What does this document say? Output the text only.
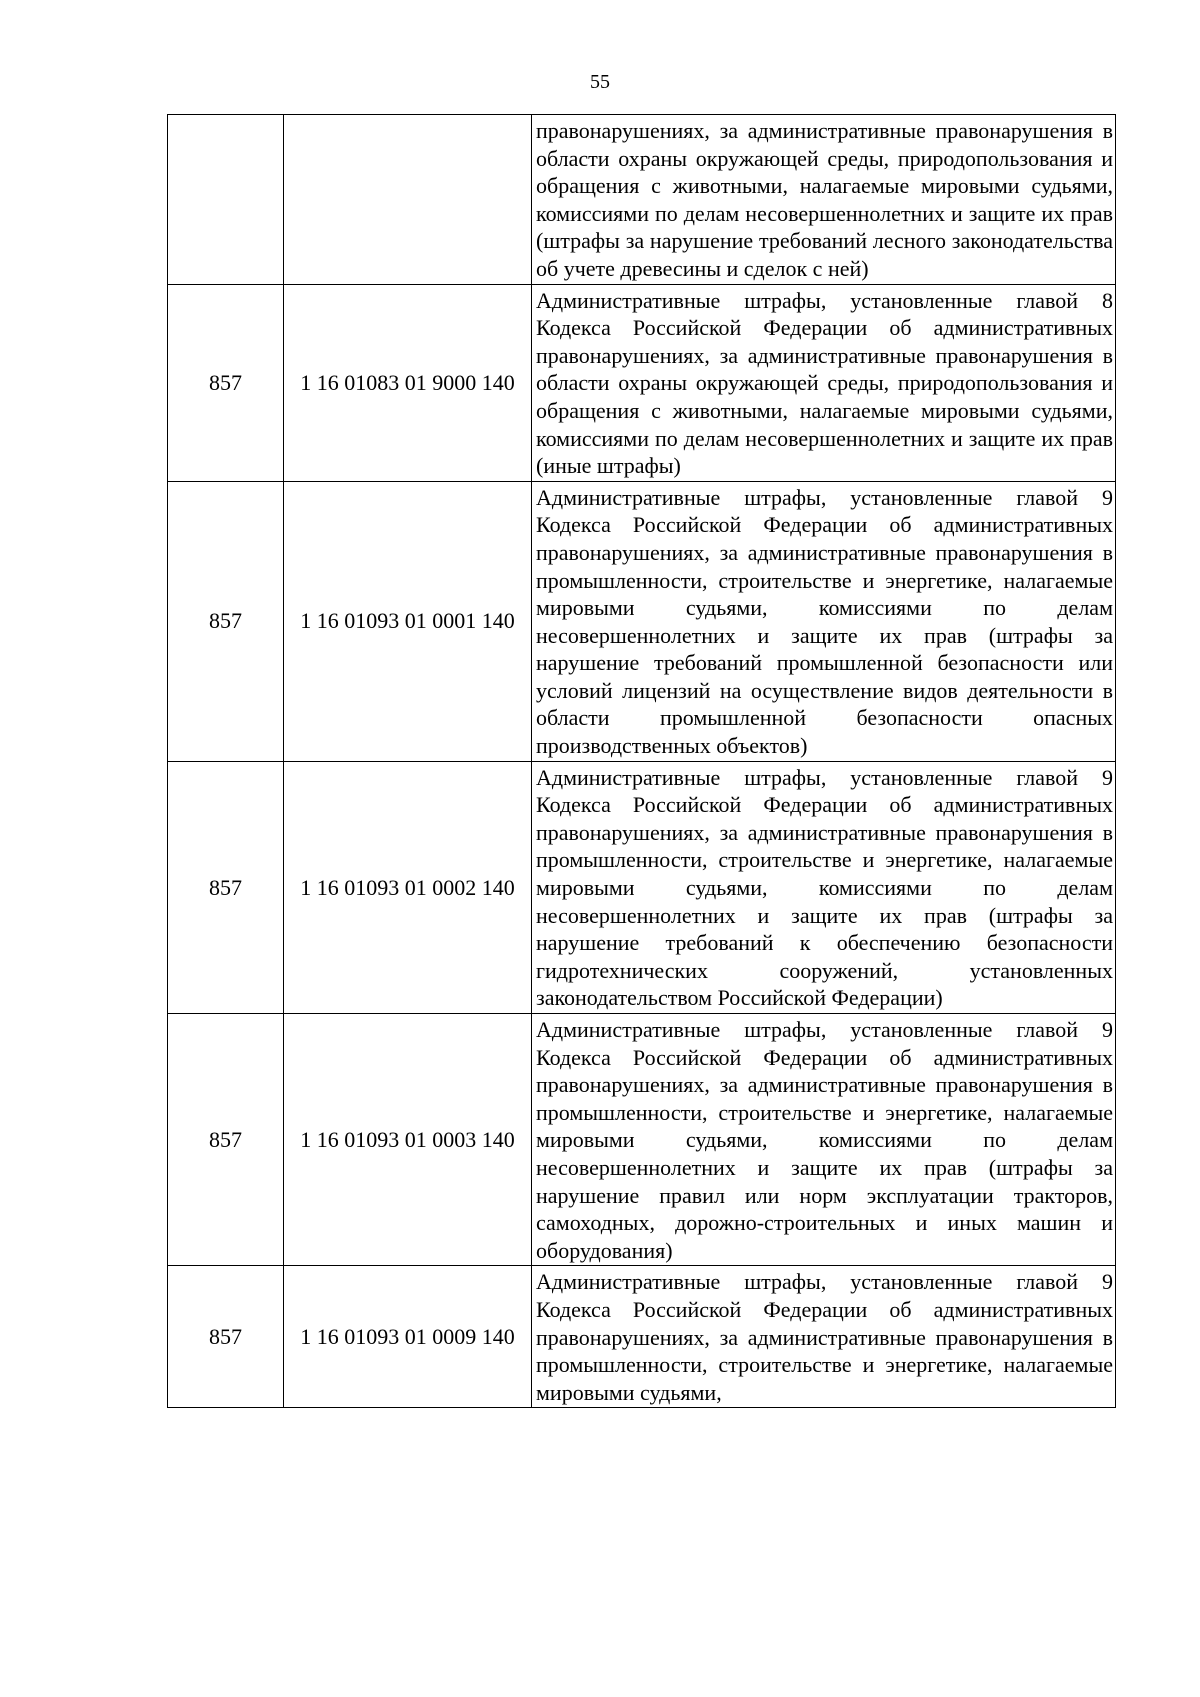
55
		правонарушениях, за административные правонарушения в области охраны окружающей среды, природопользования и обращения с животными, налагаемые мировыми судьями, комиссиями по делам несовершеннолетних и защите их прав (штрафы за нарушение требований лесного законодательства об учете древесины и сделок с ней)
857	1 16 01083 01 9000 140	Административные штрафы, установленные главой 8 Кодекса Российской Федерации об административных правонарушениях, за административные правонарушения в области охраны окружающей среды, природопользования и обращения с животными, налагаемые мировыми судьями, комиссиями по делам несовершеннолетних и защите их прав (иные штрафы)
857	1 16 01093 01 0001 140	Административные штрафы, установленные главой 9 Кодекса Российской Федерации об административных правонарушениях, за административные правонарушения в промышленности, строительстве и энергетике, налагаемые мировыми судьями, комиссиями по делам несовершеннолетних и защите их прав (штрафы за нарушение требований промышленной безопасности или условий лицензий на осуществление видов деятельности в области промышленной безопасности опасных производственных объектов)
857	1 16 01093 01 0002 140	Административные штрафы, установленные главой 9 Кодекса Российской Федерации об административных правонарушениях, за административные правонарушения в промышленности, строительстве и энергетике, налагаемые мировыми судьями, комиссиями по делам несовершеннолетних и защите их прав (штрафы за нарушение требований к обеспечению безопасности гидротехнических сооружений, установленных законодательством Российской Федерации)
857	1 16 01093 01 0003 140	Административные штрафы, установленные главой 9 Кодекса Российской Федерации об административных правонарушениях, за административные правонарушения в промышленности, строительстве и энергетике, налагаемые мировыми судьями, комиссиями по делам несовершеннолетних и защите их прав (штрафы за нарушение правил или норм эксплуатации тракторов, самоходных, дорожно-строительных и иных машин и оборудования)
857	1 16 01093 01 0009 140	Административные штрафы, установленные главой 9 Кодекса Российской Федерации об административных правонарушениях, за административные правонарушения в промышленности, строительстве и энергетике, налагаемые мировыми судьями,
